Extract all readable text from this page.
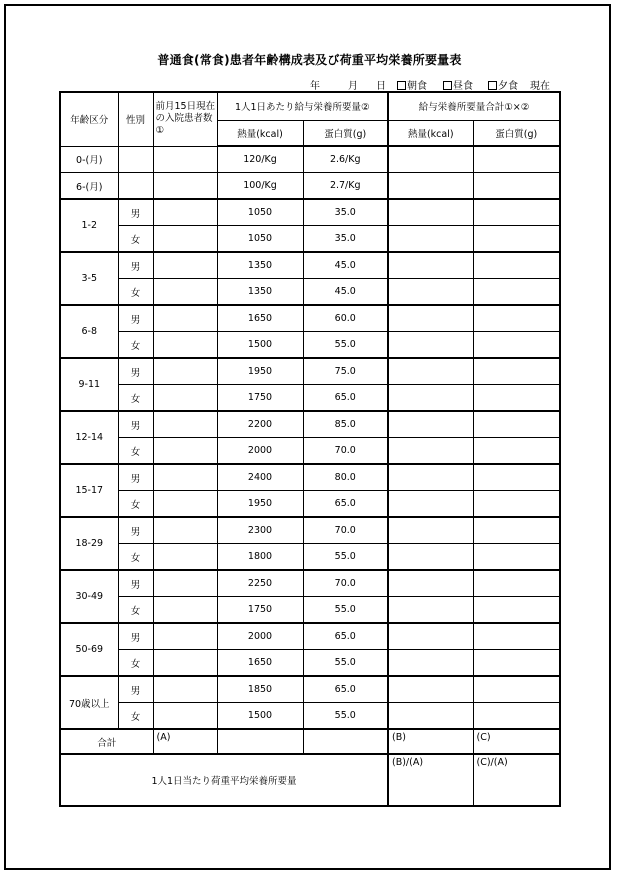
普通食(常食)患者年齢構成表及び荷重平均栄養所要量表
年	月 日	朝食	昼食	夕食 現在
年齢区分	性別	前月15日現在の入院患者数①	1人1日あたり給与栄養所要量②		給与栄養所要量合計①×②	
			熱量(kcal)	蛋白質(g)	熱量(kcal)	蛋白質(g)
0-(月)			120/Kg	2.6/Kg		
6-(月)			100/Kg	2.7/Kg		
1-2	男		1050	35.0		
	女		1050	35.0		
3-5	男		1350	45.0		
	女		1350	45.0		
6-8	男		1650	60.0		
	女		1500	55.0		
9-11	男		1950	75.0		
	女		1750	65.0		
12-14	男		2200	85.0		
	女		2000	70.0		
15-17	男		2400	80.0		
	女		1950	65.0		
18-29	男		2300	70.0		
	女		1800	55.0		
30-49	男		2250	70.0		
	女		1750	55.0		
50-69	男		2000	65.0		
	女		1650	55.0		
70歳以上	男		1850	65.0		
	女		1500	55.0		
合計		(A)			(B)	(C)
1人1日当たり荷重平均栄養所要量					(B)/(A)	(C)/(A)
